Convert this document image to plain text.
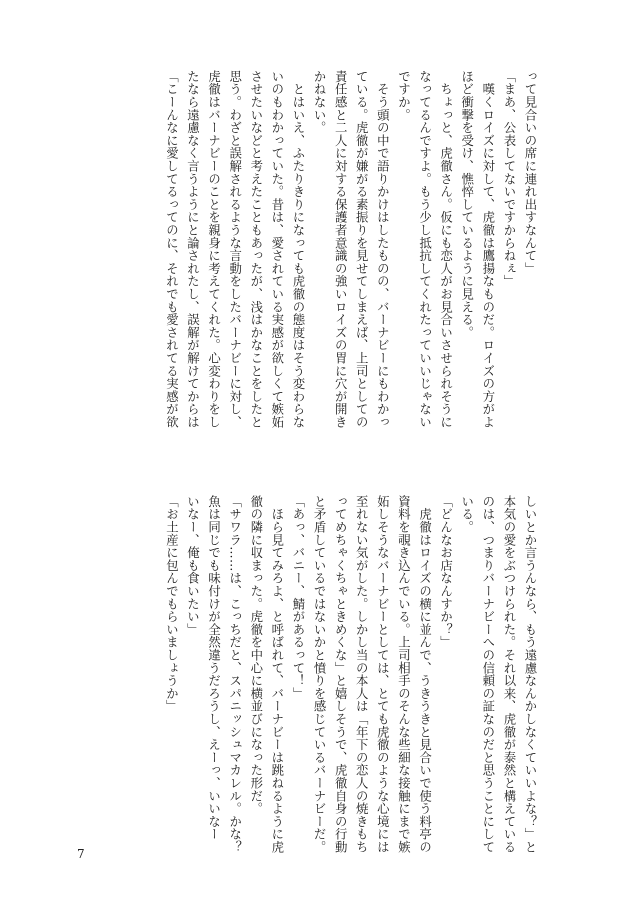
って見合いの席に連れ出すなんて」

「まあ、公表してないですからねぇ」

　嘆くロイズに対して、虎徹は鷹揚なものだ。ロイズの方がよ

ほど衝撃を受け、憔悴しているように見える。

　ちょっと、虎徹さん。仮にも恋人がお見合いさせられそうに

なってるんですよ。もう少し抵抗してくれたっていいじゃない

ですか。

　そう頭の中で語りかけはしたものの、バーナビーにもわかっ

ている。虎徹が嫌がる素振りを見せてしまえば、上司としての

責任感と二人に対する保護者意識の強いロイズの胃に穴が開き

かねない。

　とはいえ、ふたりきりになっても虎徹の態度はそう変わらな

いのもわかっていた。昔は、愛されている実感が欲しくて嫉妬

させたいなどと考えたこともあったが、浅はかなことをしたと

思う。わざと誤解されるような言動をしたバーナビーに対し、

虎徹はバーナビーのことを親身に考えてくれた。心変わりをし

たなら遠慮なく言うようにと論されたし、誤解が解けてからは

「こーんなに愛してるってのに、それでも愛されてる実感が欲

しいとか言うんなら、もう遠慮なんかしなくていいよな？」と

本気の愛をぶつけられた。それ以来、虎徹が泰然と構えている

のは、つまりバーナビーへの信頼の証なのだと思うことにして

いる。

「どんなお店なんすか？」

　虎徹はロイズの横に並んで、うきうきと見合いで使う料亭の

資料を覗き込んでいる。上司相手のそんな些細な接触にまで嫉

妬しそうなバーナビーとしては、とても虎徹のような心境には

至れない気がした。しかし当の本人は「年下の恋人の焼きもち

ってめちゃくちゃときめくな」と嬉しそうで、虎徹自身の行動

と矛盾しているではないかと憤りを感じているバーナビーだ。

「あっ、バニー、鯖があるって！」

　ほら見てみろよ、と呼ばれて、バーナビーは跳ねるように虎

徹の隣に収まった。虎徹を中心に横並びになった形だ。

「サワラ……は、こっちだと、スパニッシュマカレル。かな？

魚は同じでも味付けが全然違うだろうし、えーっ、いいなー

いなー、俺も食いたい」

「お土産に包んでもらいましょうか」

7
